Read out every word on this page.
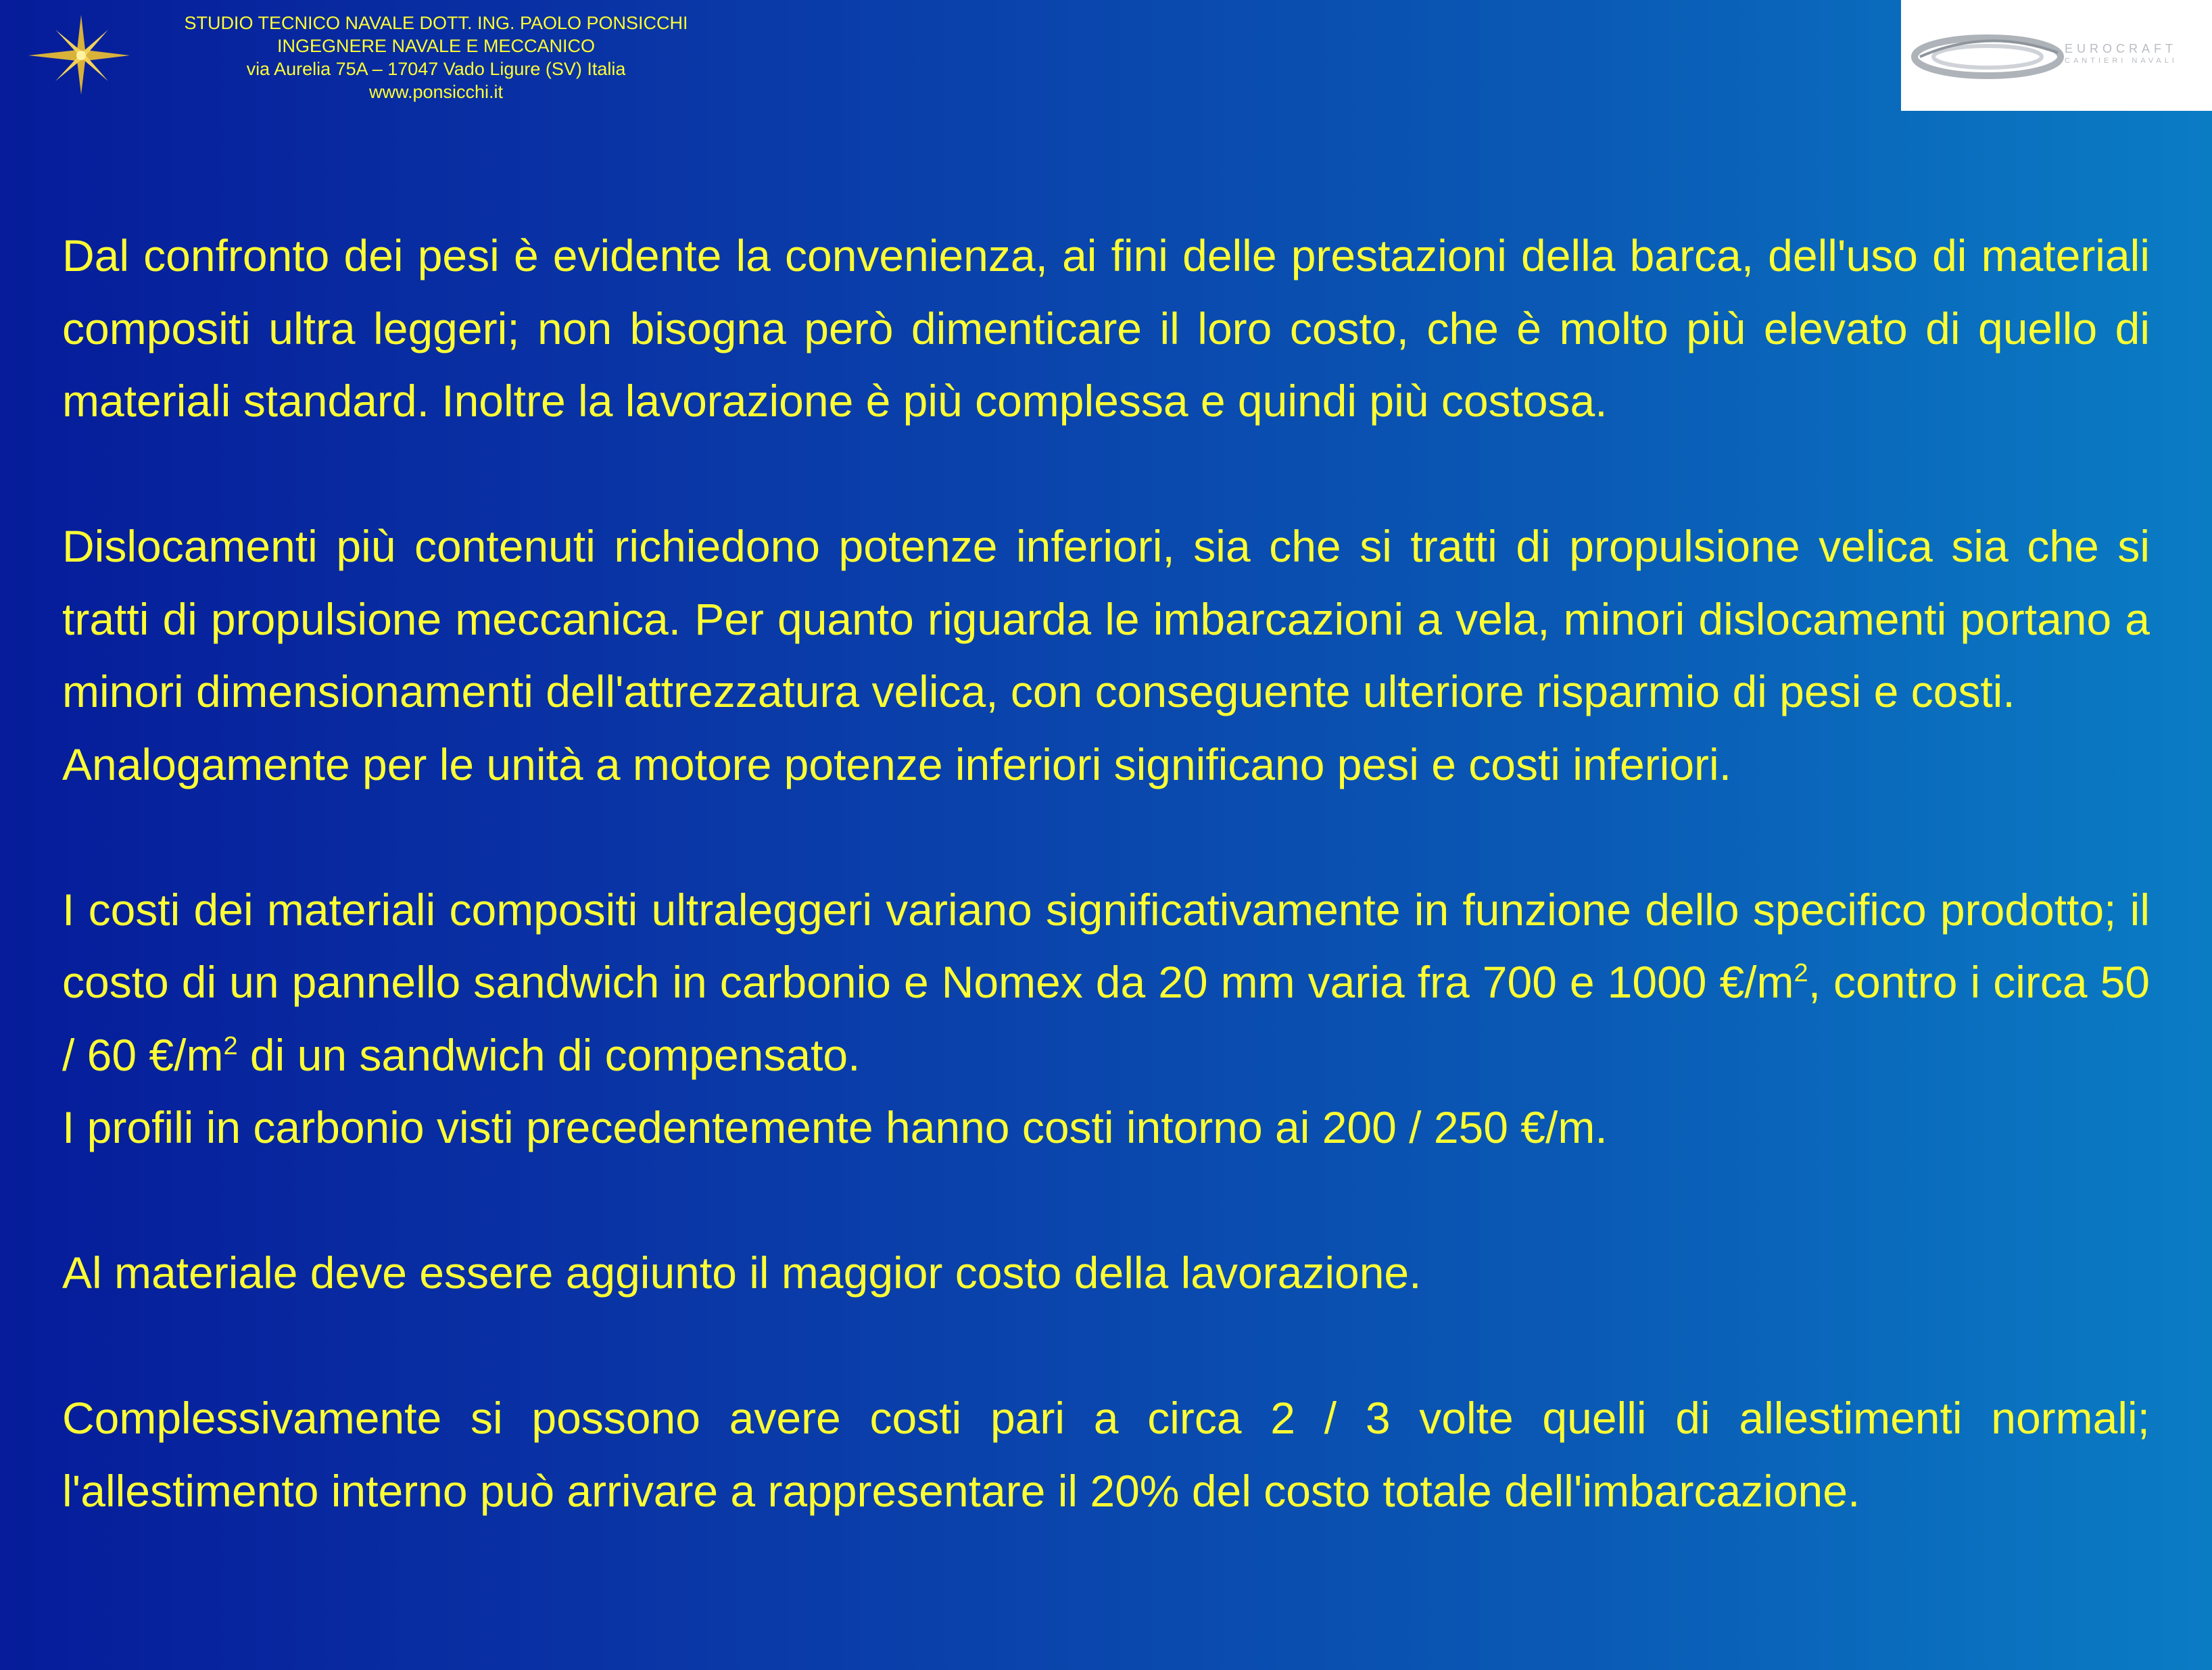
STUDIO TECNICO NAVALE DOTT. ING. PAOLO PONSICCHI
INGEGNERE NAVALE E MECCANICO
via Aurelia 75A – 17047 Vado Ligure (SV) Italia
www.ponsicchi.it
EUROCRAFT
CANTIERI NAVALI

Dal confronto dei pesi è evidente la convenienza, ai fini delle prestazioni della barca, dell'uso di materiali compositi ultra leggeri; non bisogna però dimenticare il loro costo, che è molto più elevato di quello di materiali standard. Inoltre la lavorazione è più complessa e quindi più costosa.

Dislocamenti più contenuti richiedono potenze inferiori, sia che si tratti di propulsione velica sia che si tratti di propulsione meccanica. Per quanto riguarda le imbarcazioni a vela, minori dislocamenti portano a minori dimensionamenti dell'attrezzatura velica, con conseguente ulteriore risparmio di pesi e costi.

Analogamente per le unità a motore potenze inferiori significano pesi e costi inferiori.

I costi dei materiali compositi ultraleggeri variano significativamente in funzione dello specifico prodotto; il costo di un pannello sandwich in carbonio e Nomex da 20 mm varia fra 700 e 1000 $€/m^2$, contro i circa 50 / 60 $€/m^2$ di un sandwich di compensato.

I profili in carbonio visti precedentemente hanno costi intorno ai 200 / 250 €/m.

Al materiale deve essere aggiunto il maggior costo della lavorazione.

Complessivamente si possono avere costi pari a circa 2 / 3 volte quelli di allestimenti normali; l'allestimento interno può arrivare a rappresentare il 20% del costo totale dell'imbarcazione.
